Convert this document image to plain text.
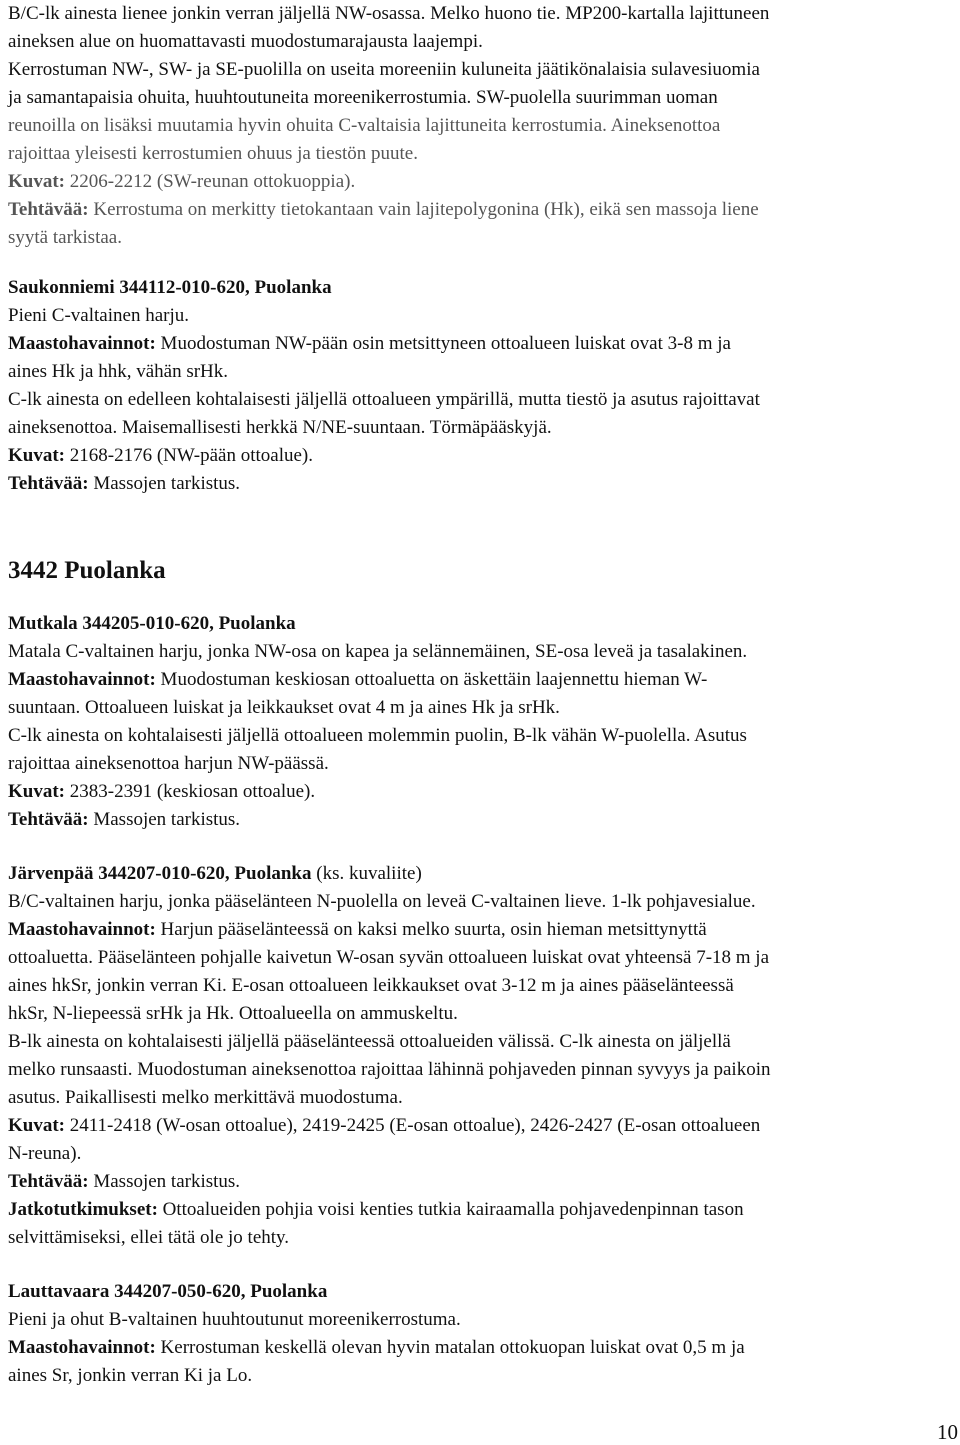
B/C-lk ainesta lienee jonkin verran jäljellä NW-osassa. Melko huono tie. MP200-kartalla lajittuneen

aineksen alue on huomattavasti muodostumarajausta laajempi.

Kerrostuman NW-, SW- ja SE-puolilla on useita moreeniin kuluneita jäätikönalaisia sulavesiuomia

ja samantapaisia ohuita, huuhtoutuneita moreenikerrostumia. SW-puolella suurimman uoman

reunoilla on lisäksi muutamia hyvin ohuita C-valtaisia lajittuneita kerrostumia. Aineksenottoa

rajoittaa yleisesti kerrostumien ohuus ja tiestön puute.

Kuvat: 2206-2212 (SW-reunan ottokuoppia).

Tehtävää: Kerrostuma on merkitty tietokantaan vain lajitepolygonina (Hk), eikä sen massoja liene

syytä tarkistaa.

Saukonniemi 344112-010-620, Puolanka

Pieni C-valtainen harju.

Maastohavainnot: Muodostuman NW-pään osin metsittyneen ottoalueen luiskat ovat 3-8 m ja

aines Hk ja hhk, vähän srHk.

C-lk ainesta on edelleen kohtalaisesti jäljellä ottoalueen ympärillä, mutta tiestö ja asutus rajoittavat

aineksenottoa. Maisemallisesti herkkä N/NE-suuntaan. Törmäpääskyjä.

Kuvat: 2168-2176 (NW-pään ottoalue).

Tehtävää: Massojen tarkistus.

3442 Puolanka

Mutkala 344205-010-620, Puolanka

Matala C-valtainen harju, jonka NW-osa on kapea ja selännemäinen, SE-osa leveä ja tasalakinen.

Maastohavainnot: Muodostuman keskiosan ottoaluetta on äskettäin laajennettu hieman W-

suuntaan. Ottoalueen luiskat ja leikkaukset ovat 4 m ja aines Hk ja srHk.

C-lk ainesta on kohtalaisesti jäljellä ottoalueen molemmin puolin, B-lk vähän W-puolella. Asutus

rajoittaa aineksenottoa harjun NW-päässä.

Kuvat: 2383-2391 (keskiosan ottoalue).

Tehtävää: Massojen tarkistus.

Järvenpää 344207-010-620, Puolanka (ks. kuvaliite)

B/C-valtainen harju, jonka pääselänteen N-puolella on leveä C-valtainen lieve. 1-lk pohjavesialue.

Maastohavainnot: Harjun pääselänteessä on kaksi melko suurta, osin hieman metsittynyttä

ottoaluetta. Pääselänteen pohjalle kaivetun W-osan syvän ottoalueen luiskat ovat yhteensä 7-18 m ja

aines hkSr, jonkin verran Ki. E-osan ottoalueen leikkaukset ovat 3-12 m ja aines pääselänteessä

hkSr, N-liepeessä srHk ja Hk. Ottoalueella on ammuskeltu.

B-lk ainesta on kohtalaisesti jäljellä pääselänteessä ottoalueiden välissä. C-lk ainesta on jäljellä

melko runsaasti. Muodostuman aineksenottoa rajoittaa lähinnä pohjaveden pinnan syvyys ja paikoin

asutus. Paikallisesti melko merkittävä muodostuma.

Kuvat: 2411-2418 (W-osan ottoalue), 2419-2425 (E-osan ottoalue), 2426-2427 (E-osan ottoalueen

N-reuna).

Tehtävää: Massojen tarkistus.

Jatkotutkimukset: Ottoalueiden pohjia voisi kenties tutkia kairaamalla pohjavedenpinnan tason

selvittämiseksi, ellei tätä ole jo tehty.

Lauttavaara 344207-050-620, Puolanka

Pieni ja ohut B-valtainen huuhtoutunut moreenikerrostuma.

Maastohavainnot: Kerrostuman keskellä olevan hyvin matalan ottokuopan luiskat ovat 0,5 m ja

aines Sr, jonkin verran Ki ja Lo.

10
